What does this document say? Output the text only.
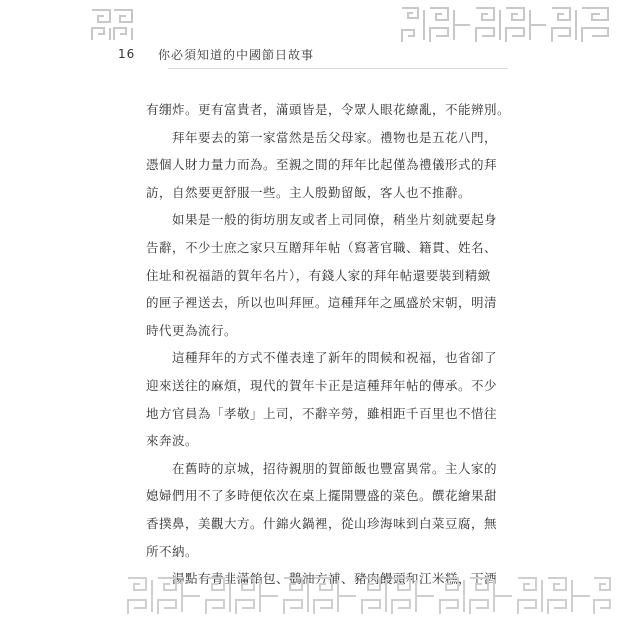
16	你必須知道的中國節日故事
有绷炸。更有富貴者，滿頭皆是，令眾人眼花繚亂，不能辨別。
拜年要去的第一家當然是岳父母家。禮物也是五花八門，
憑個人財力量力而為。至親之間的拜年比起僅為禮儀形式的拜
訪，自然要更舒服一些。主人殷勤留飯，客人也不推辭。
如果是一般的街坊朋友或者上司同僚，稍坐片刻就要起身
告辭，不少士庶之家只互贈拜年帖（寫著官職、籍貫、姓名、
住址和祝福語的賀年名片），有錢人家的拜年帖還要裝到精緻
的匣子裡送去，所以也叫拜匣。這種拜年之風盛於宋朝，明清
時代更為流行。
這種拜年的方式不僅表達了新年的問候和祝福，也省卻了
迎來送往的麻煩，現代的賀年卡正是這種拜年帖的傳承。不少
地方官員為「孝敬」上司，不辭辛勞，雖相距千百里也不惜往
來奔波。
在舊時的京城，招待親朋的賀節飯也豐富異常。主人家的
媳婦們用不了多時便依次在桌上擺開豐盛的菜色。饌花繪果甜
香撲鼻，美觀大方。什錦火鍋裡，從山珍海味到白菜豆腐，無
所不納。
湯點有青韭滿餡包、鵝油方補、豬肉饅頭和江米糕，下酒
